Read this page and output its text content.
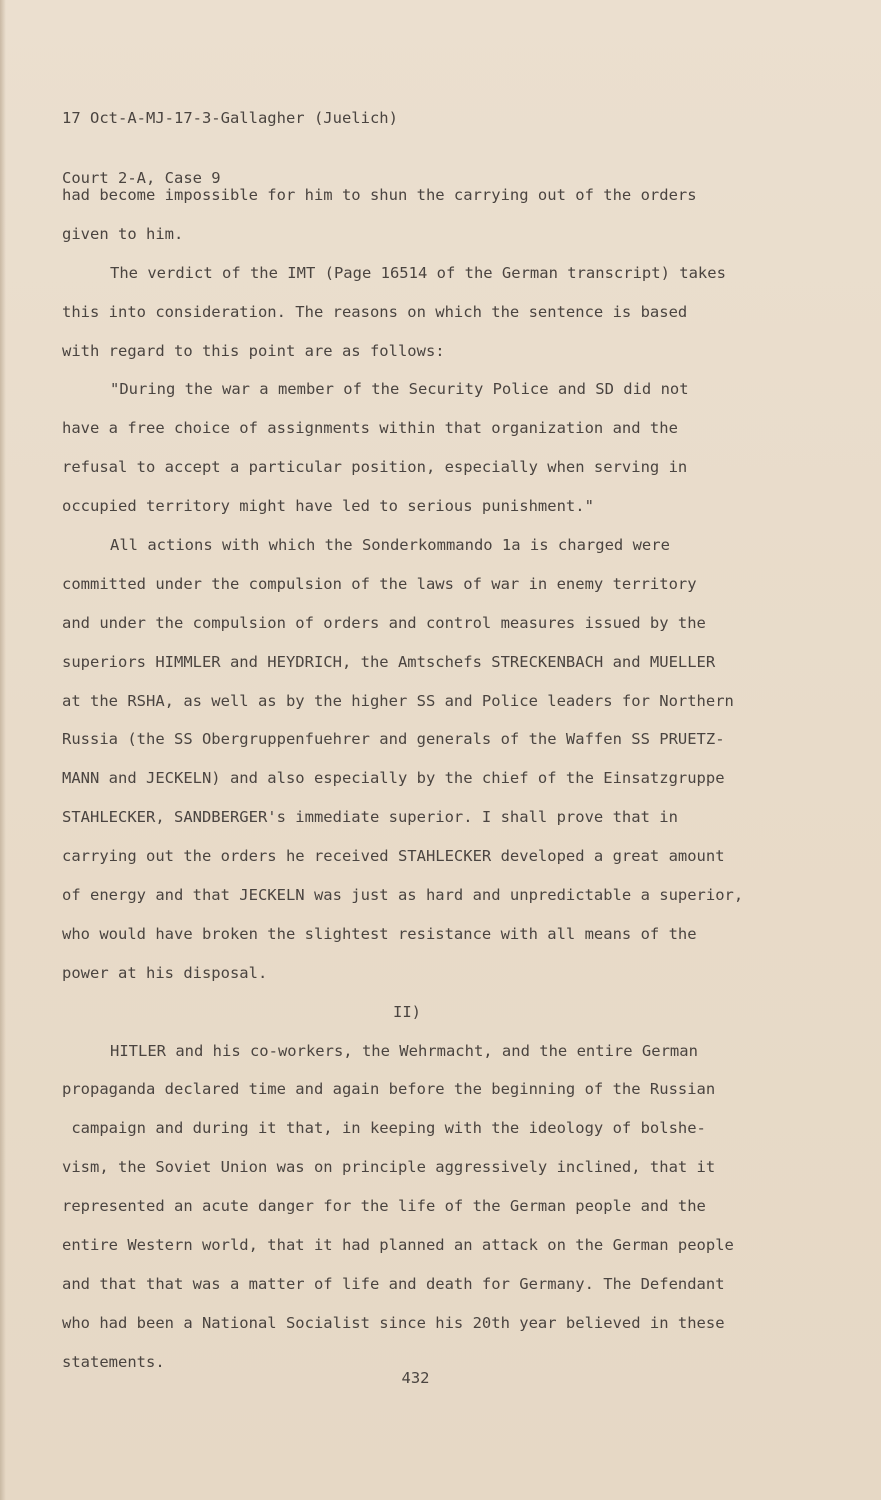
17 Oct-A-MJ-17-3-Gallagher (Juelich)

Court 2-A, Case 9

had become impossible for him to shun the carrying out of the orders
given to him.
The verdict of the IMT (Page 16514 of the German transcript) takes
this into consideration. The reasons on which the sentence is based
with regard to this point are as follows:
"During the war a member of the Security Police and SD did not
have a free choice of assignments within that organization and the
refusal to accept a particular position, especially when serving in
occupied territory might have led to serious punishment."
All actions with which the Sonderkommando 1a is charged were
committed under the compulsion of the laws of war in enemy territory
and under the compulsion of orders and control measures issued by the
superiors HIMMLER and HEYDRICH, the Amtschefs STRECKENBACH and MUELLER
at the RSHA, as well as by the higher SS and Police leaders for Northern
Russia (the SS Obergruppenfuehrer and generals of the Waffen SS PRUETZ-
MANN and JECKELN) and also especially by the chief of the Einsatzgruppe
STAHLECKER, SANDBERGER's immediate superior. I shall prove that in
carrying out the orders he received STAHLECKER developed a great amount
of energy and that JECKELN was just as hard and unpredictable a superior,
who would have broken the slightest resistance with all means of the
power at his disposal.
II)
HITLER and his co-workers, the Wehrmacht, and the entire German
propaganda declared time and again before the beginning of the Russian
campaign and during it that, in keeping with the ideology of bolshe-
vism, the Soviet Union was on principle aggressively inclined, that it
represented an acute danger for the life of the German people and the
entire Western world, that it had planned an attack on the German people
and that that was a matter of life and death for Germany. The Defendant
who had been a National Socialist since his 20th year believed in these
statements.
432
